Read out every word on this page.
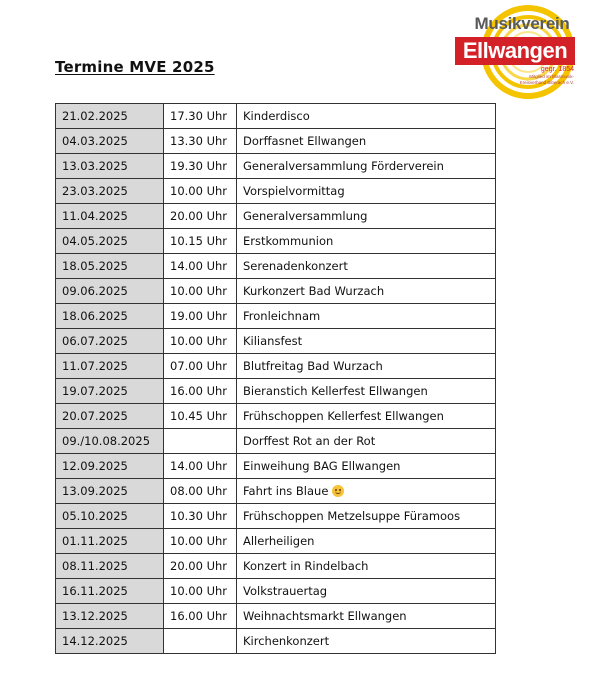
Termine MVE 2025
Musikverein
Ellwangen
gegr. 1854
Mitglied im Blasmusik-
Kreisverband Biberach e.V.
21.02.2025	17.30 Uhr	Kinderdisco
04.03.2025	13.30 Uhr	Dorffasnet Ellwangen
13.03.2025	19.30 Uhr	Generalversammlung Förderverein
23.03.2025	10.00 Uhr	Vorspielvormittag
11.04.2025	20.00 Uhr	Generalversammlung
04.05.2025	10.15 Uhr	Erstkommunion
18.05.2025	14.00 Uhr	Serenadenkonzert
09.06.2025	10.00 Uhr	Kurkonzert Bad Wurzach
18.06.2025	19.00 Uhr	Fronleichnam
06.07.2025	10.00 Uhr	Kiliansfest
11.07.2025	07.00 Uhr	Blutfreitag Bad Wurzach
19.07.2025	16.00 Uhr	Bieranstich Kellerfest Ellwangen
20.07.2025	10.45 Uhr	Frühschoppen Kellerfest Ellwangen
09./10.08.2025		Dorffest Rot an der Rot
12.09.2025	14.00 Uhr	Einweihung BAG Ellwangen
13.09.2025	08.00 Uhr	Fahrt ins Blaue
05.10.2025	10.30 Uhr	Frühschoppen Metzelsuppe Füramoos
01.11.2025	10.00 Uhr	Allerheiligen
08.11.2025	20.00 Uhr	Konzert in Rindelbach
16.11.2025	10.00 Uhr	Volkstrauertag
13.12.2025	16.00 Uhr	Weihnachtsmarkt Ellwangen
14.12.2025		Kirchenkonzert
